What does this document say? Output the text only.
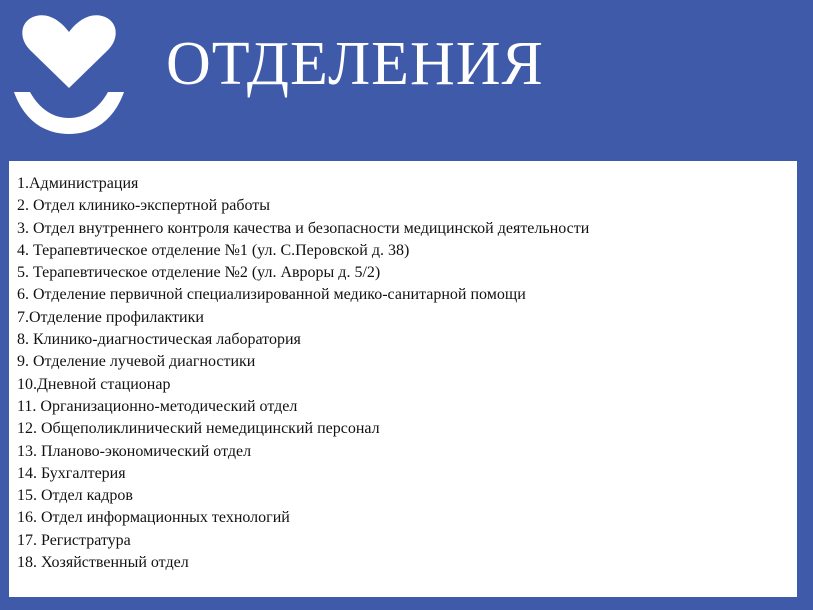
ОТДЕЛЕНИЯ
1.Администрация
2. Отдел клинико-экспертной работы
3. Отдел внутреннего контроля качества и безопасности медицинской деятельности
4. Терапевтическое отделение №1 (ул. С.Перовской д. 38)
5. Терапевтическое отделение №2 (ул. Авроры д. 5/2)
6. Отделение первичной специализированной медико-санитарной помощи
7.Отделение профилактики
8. Клинико-диагностическая лаборатория
9. Отделение лучевой диагностики
10.Дневной стационар
11. Организационно-методический отдел
12. Общеполиклинический немедицинский персонал
13. Планово-экономический отдел
14. Бухгалтерия
15. Отдел кадров
16. Отдел информационных технологий
17. Регистратура
18. Хозяйственный отдел
